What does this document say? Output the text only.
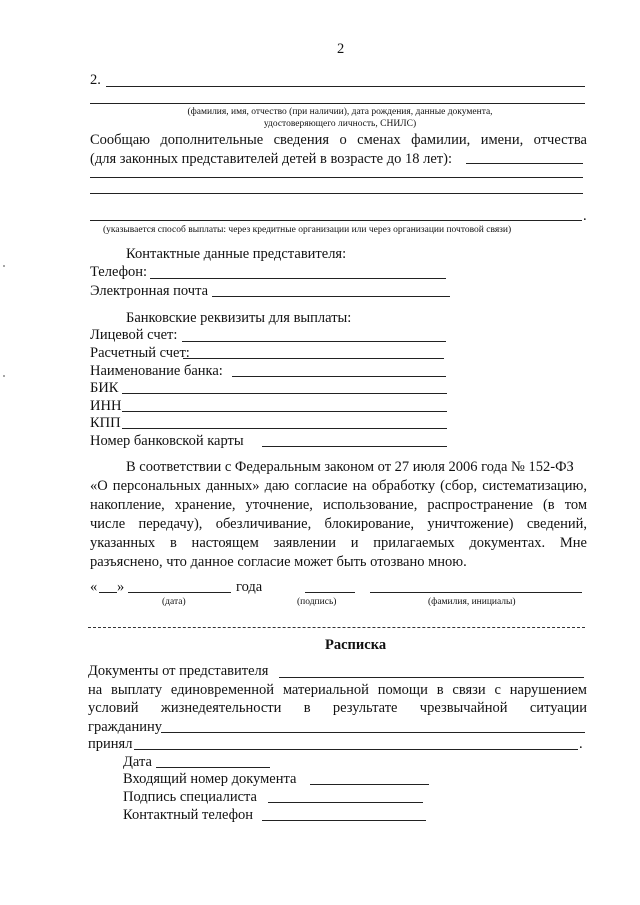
2
2.
(фамилия, имя, отчество (при наличии), дата рождения, данные документа,
удостоверяющего личность, СНИЛС)
Сообщаю дополнительные сведения о сменах фамилии, имени, отчества
(для законных представителей детей в возрасте до 18 лет):
.
(указывается способ выплаты: через кредитные организации или через организации почтовой связи)
Контактные данные представителя:
Телефон:
Электронная почта
Банковские реквизиты для выплаты:
Лицевой счет:
Расчетный счет:
Наименование банка:
БИК
ИНН
КПП
Номер банковской карты
В соответствии с Федеральным законом от 27 июля 2006 года № 152-ФЗ
«О персональных данных» даю согласие на обработку (сбор, систематизацию,
накопление, хранение, уточнение, использование, распространение (в том
числе передачу), обезличивание, блокирование, уничтожение) сведений,
указанных в настоящем заявлении и прилагаемых документах. Мне
разъяснено, что данное согласие может быть отозвано мною.
« »	года
(дата)	(подпись)	(фамилия, инициалы)
Расписка
Документы от представителя
на выплату единовременной материальной помощи в связи с нарушением
условий жизнедеятельности в результате чрезвычайной ситуации
гражданину
принял	.
Дата
Входящий номер документа
Подпись специалиста
Контактный телефон
